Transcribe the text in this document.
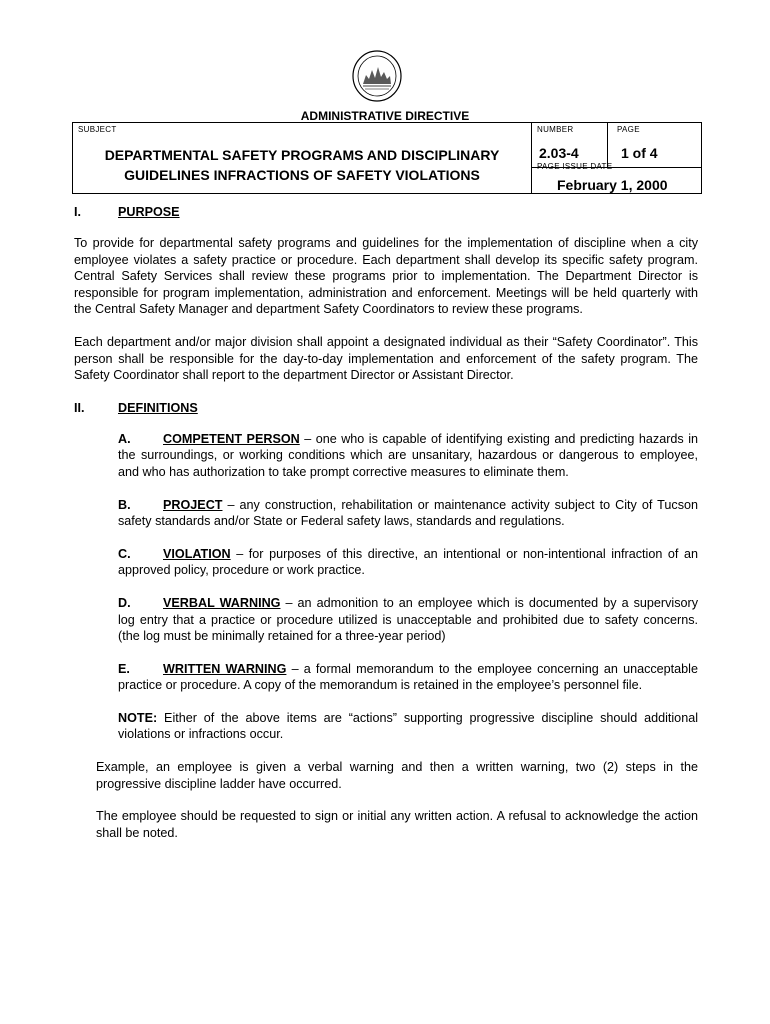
ADMINISTRATIVE DIRECTIVE
SUBJECT
DEPARTMENTAL SAFETY PROGRAMS AND DISCIPLINARY
GUIDELINES INFRACTIONS OF SAFETY VIOLATIONS
NUMBER
2.03-4
PAGE
1 of 4
PAGE ISSUE DATE
February 1, 2000
I.	PURPOSE

To provide for departmental safety programs and guidelines for the implementation of discipline when a city employee violates a safety practice or procedure. Each department shall develop its specific safety program. Central Safety Services shall review these programs prior to implementation. The Department Director is responsible for program implementation, administration and enforcement. Meetings will be held quarterly with the Central Safety Manager and department Safety Coordinators to review these programs.

Each department and/or major division shall appoint a designated individual as their “Safety Coordinator”. This person shall be responsible for the day-to-day implementation and enforcement of the safety program. The Safety Coordinator shall report to the department Director or Assistant Director.

II.	DEFINITIONS

A.	COMPETENT PERSON – one who is capable of identifying existing and predicting hazards in the surroundings, or working conditions which are unsanitary, hazardous or dangerous to employee, and who has authorization to take prompt corrective measures to eliminate them.

B.	PROJECT – any construction, rehabilitation or maintenance activity subject to City of Tucson safety standards and/or State or Federal safety laws, standards and regulations.

C.	VIOLATION – for purposes of this directive, an intentional or non-intentional infraction of an approved policy, procedure or work practice.

D.	VERBAL WARNING – an admonition to an employee which is documented by a supervisory log entry that a practice or procedure utilized is unacceptable and prohibited due to safety concerns. (the log must be minimally retained for a three-year period)

E.	WRITTEN WARNING – a formal memorandum to the employee concerning an unacceptable practice or procedure. A copy of the memorandum is retained in the employee’s personnel file.

NOTE: Either of the above items are “actions” supporting progressive discipline should additional violations or infractions occur.

Example, an employee is given a verbal warning and then a written warning, two (2) steps in the progressive discipline ladder have occurred.

The employee should be requested to sign or initial any written action. A refusal to acknowledge the action shall be noted.
